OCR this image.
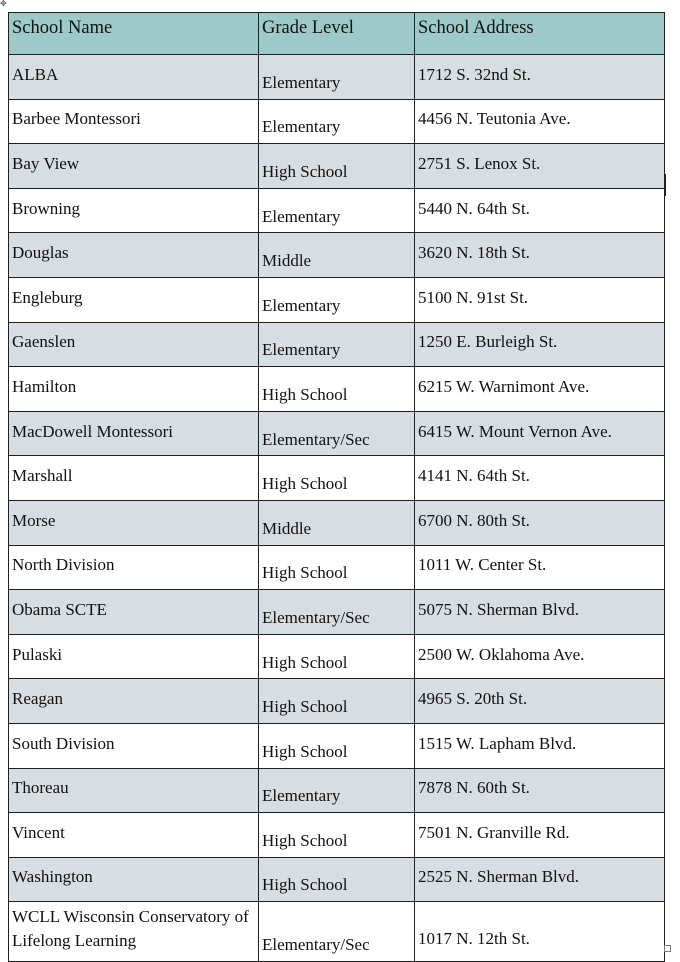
✥
School Name	Grade Level	School Address
ALBA	Elementary	1712 S. 32nd St.
Barbee Montessori	Elementary	4456 N. Teutonia Ave.
Bay View	High School	2751 S. Lenox St.
Browning	Elementary	5440 N. 64th St.
Douglas	Middle	3620 N. 18th St.
Engleburg	Elementary	5100 N. 91st St.
Gaenslen	Elementary	1250 E. Burleigh St.
Hamilton	High School	6215 W. Warnimont Ave.
MacDowell Montessori	Elementary/Sec	6415 W. Mount Vernon Ave.
Marshall	High School	4141 N. 64th St.
Morse	Middle	6700 N. 80th St.
North Division	High School	1011 W. Center St.
Obama SCTE	Elementary/Sec	5075 N. Sherman Blvd.
Pulaski	High School	2500 W. Oklahoma Ave.
Reagan	High School	4965 S. 20th St.
South Division	High School	1515 W. Lapham Blvd.
Thoreau	Elementary	7878 N. 60th St.
Vincent	High School	7501 N. Granville Rd.
Washington	High School	2525 N. Sherman Blvd.
WCLL Wisconsin Conservatory of Lifelong Learning	Elementary/Sec	1017 N. 12th St.
